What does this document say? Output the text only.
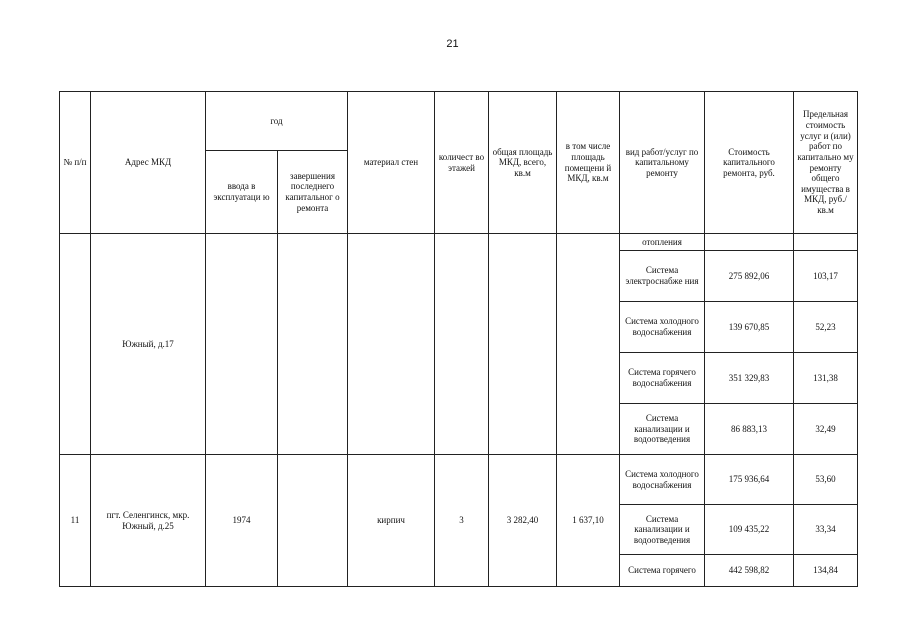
21
№ п/п	Адрес МКД	год		материал стен	количест во этажей	общая площадь МКД, всего, кв.м	в том числе площадь помещени й МКД, кв.м	вид работ/услуг по капитальному ремонту	Стоимость капитального ремонта, руб.	Предельная стоимость услуг и (или) работ по капитально му ремонту общего имущества в МКД, руб./кв.м
		ввода в эксплуатаци ю	завершения последнего капитальног о ремонта							
	Южный, д.17							отопления		
								Система электроснабже ния	275 892,06	103,17
								Система холодного водоснабжения	139 670,85	52,23
								Система горячего водоснабжения	351 329,83	131,38
								Система канализации и водоотведения	86 883,13	32,49
11	пгт. Селенгинск, мкр. Южный, д.25	1974		кирпич	3	3 282,40	1 637,10	Система холодного водоснабжения	175 936,64	53,60
								Система канализации и водоотведения	109 435,22	33,34
								Система горячего	442 598,82	134,84
